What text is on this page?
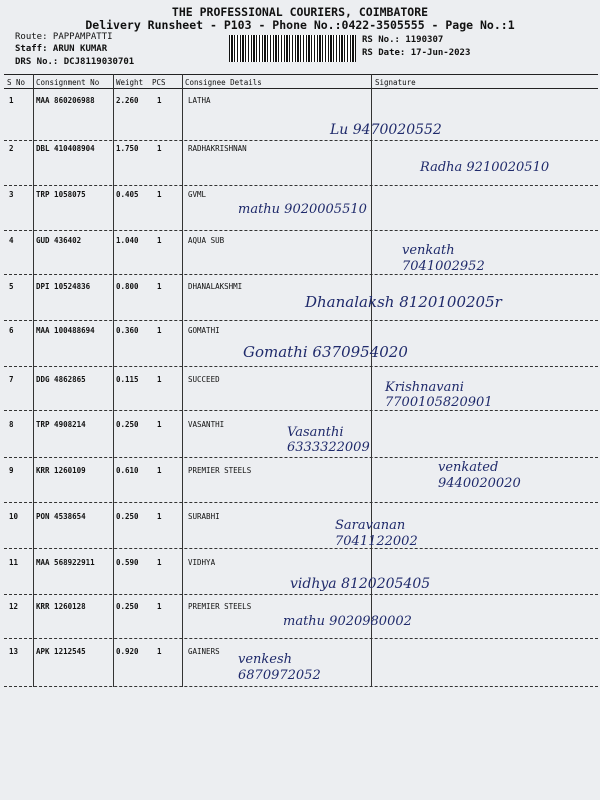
THE PROFESSIONAL COURIERS, COIMBATORE
Delivery Runsheet - P103 - Phone No.:0422-3505555 - Page No.:1
Route: PAPPAMPATTI
Staff: ARUN KUMAR
DRS No.: DCJ8119030701
RS No.: 1190307
RS Date: 17-Jun-2023
S No Consignment No Weight PCS	Consignee Details	Signature
1	MAA 860206988	2.260 1	LATHA
Lu 9470020552
2	DBL 410408904	1.750 1	RADHAKRISHNAN
Radha 9210020510
3	TRP 1058075	0.405 1	GVML
mathu 9020005510
4	GUD 436402	1.040 1	AQUA SUB
venkath 7041002952
5	DPI 10524836	0.800 1	DHANALAKSHMI
Dhanalaksh 8120100205r
6	MAA 100488694	0.360 1	GOMATHI
Gomathi 6370954020
7	DDG 4862865	0.115 1	SUCCEED
Krishnavani 7700105820901
8	TRP 4908214	0.250 1	VASANTHI
Vasanthi 6333322009
9	KRR 1260109	0.610 1	PREMIER STEELS	venkated 9440020020
10 PON 4538654	0.250 1	SURABHI
Saravanan 7041122002
11 MAA 568922911	0.590 1	VIDHYA
vidhya 8120205405
12 KRR 1260128	0.250 1	PREMIER STEELS
mathu 9020980002
13 APK 1212545	0.920 1	GAINERS
venkesh 6870972052
